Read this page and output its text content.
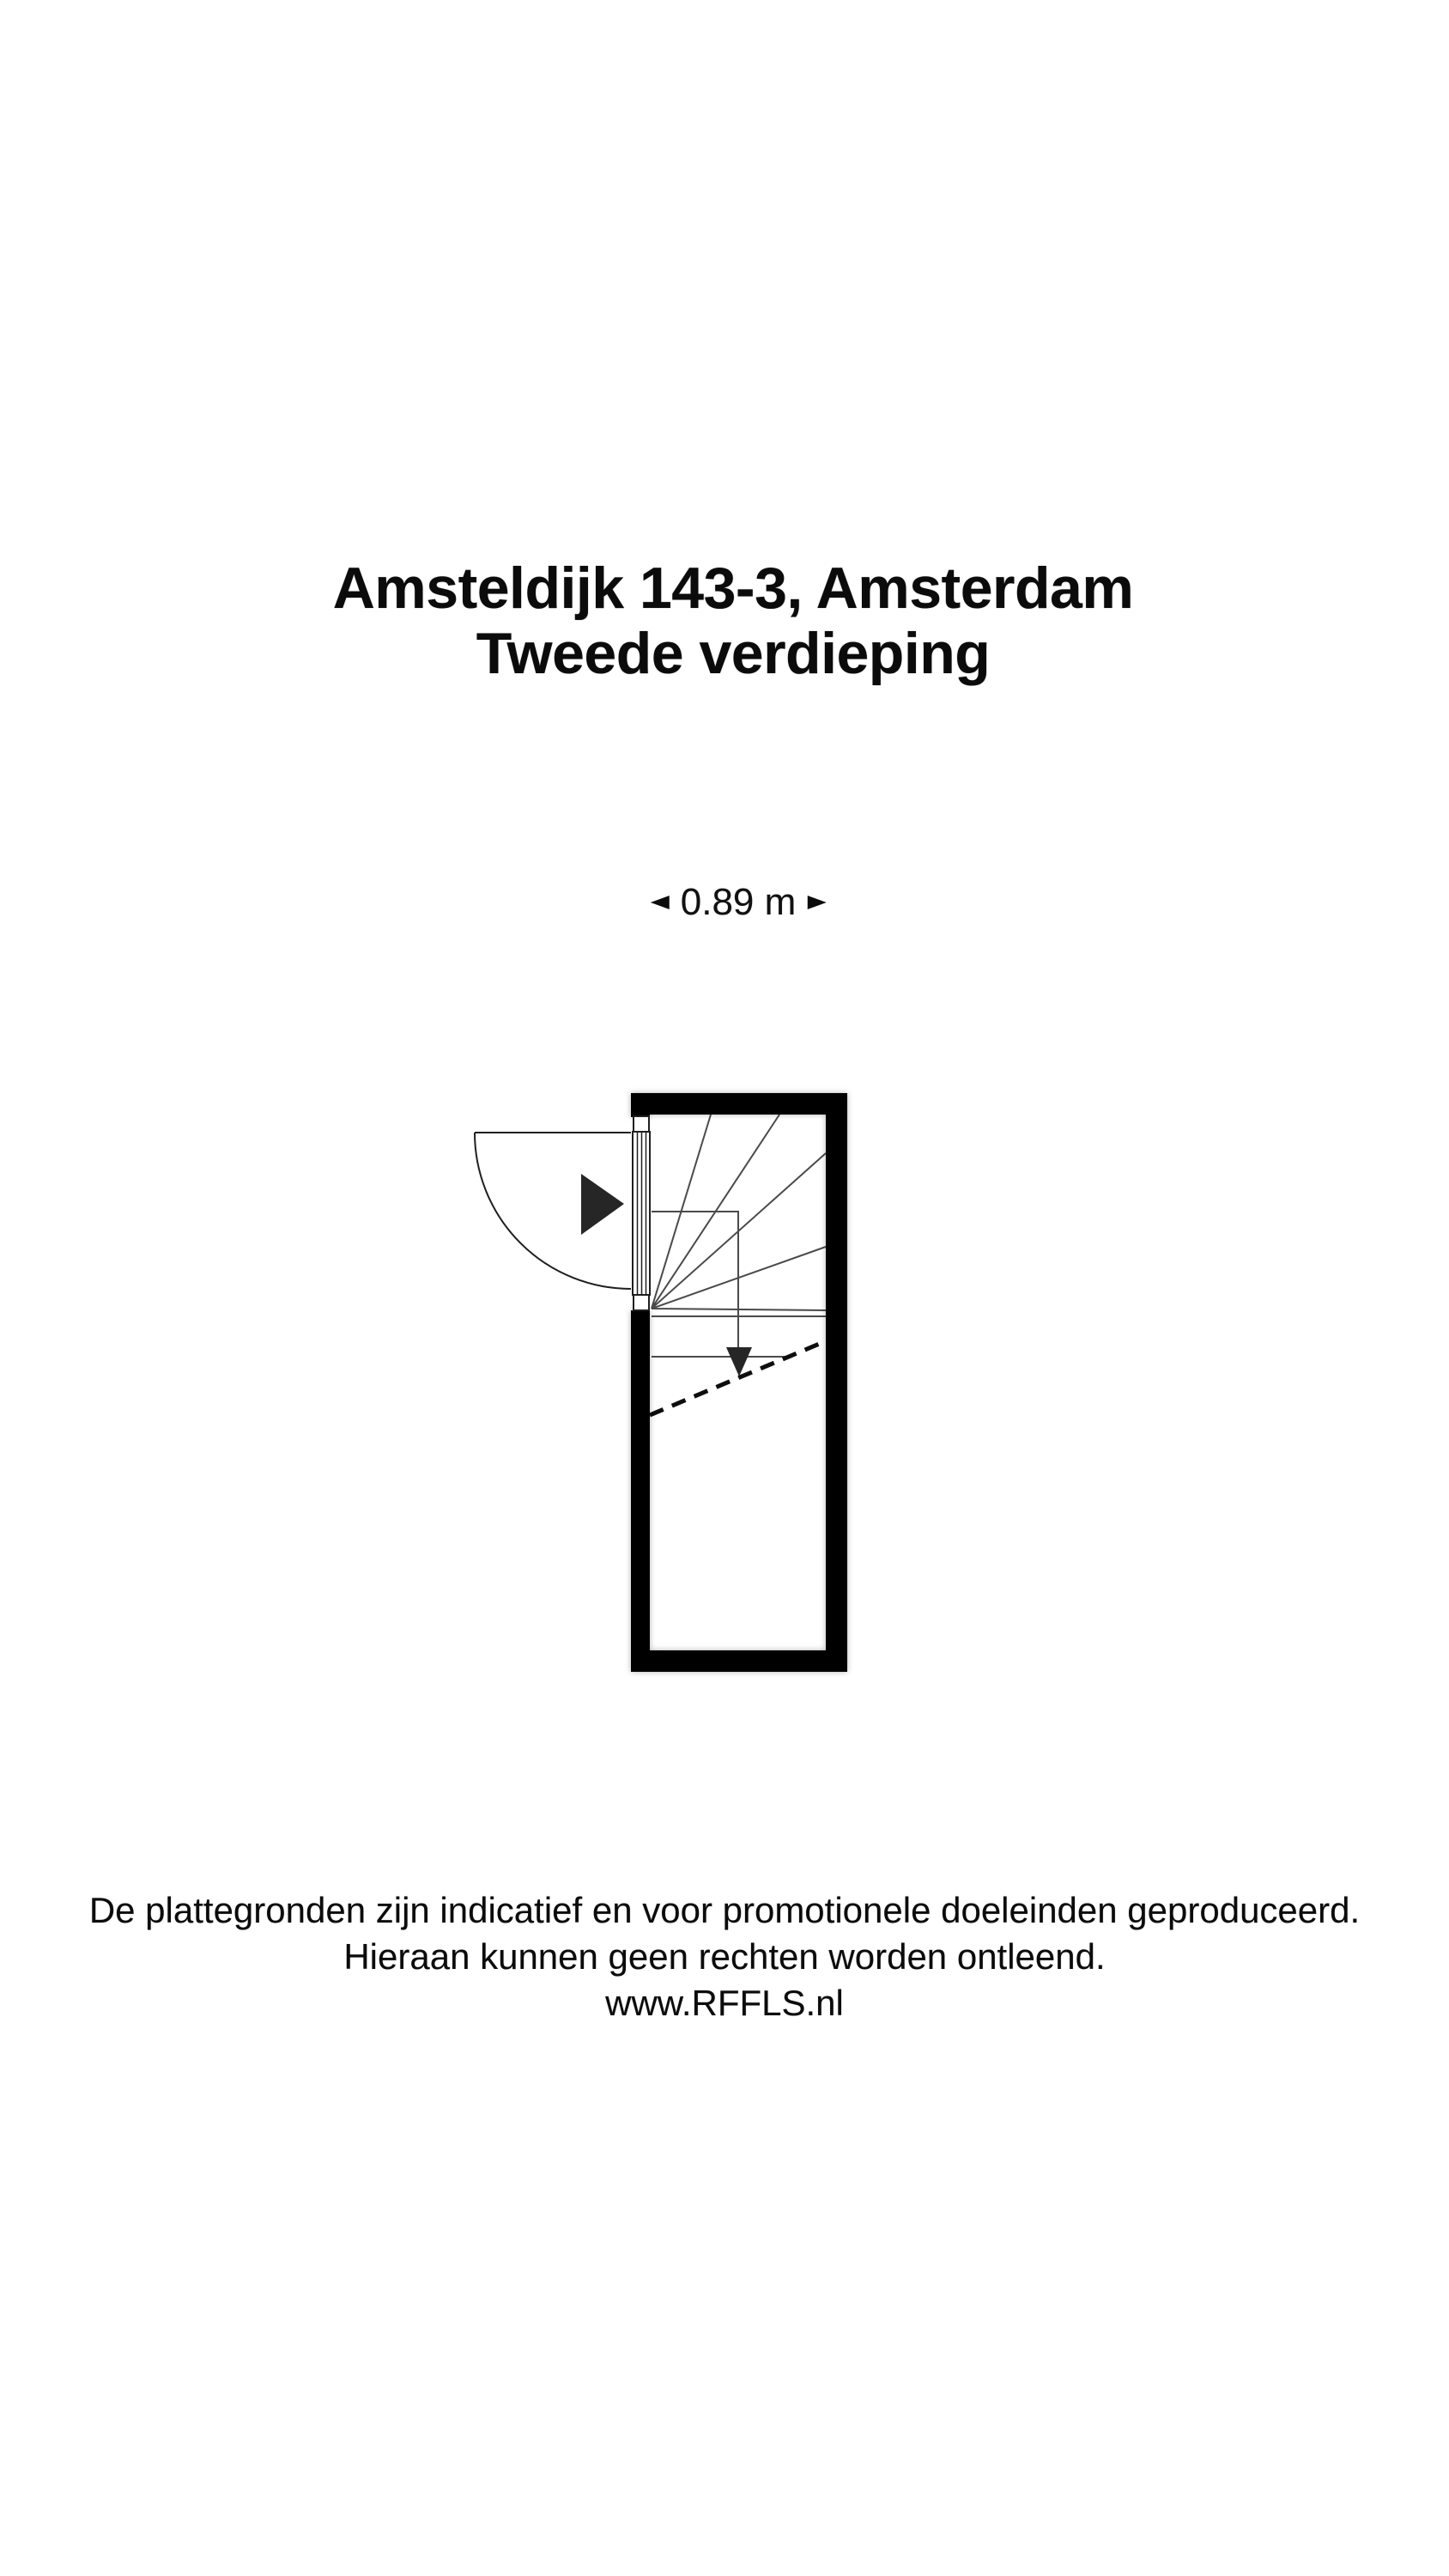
Amsteldijk 143-3, Amsterdam
Tweede verdieping
0.89 m
De plattegronden zijn indicatief en voor promotionele doeleinden geproduceerd.
Hieraan kunnen geen rechten worden ontleend.
www.RFFLS.nl
